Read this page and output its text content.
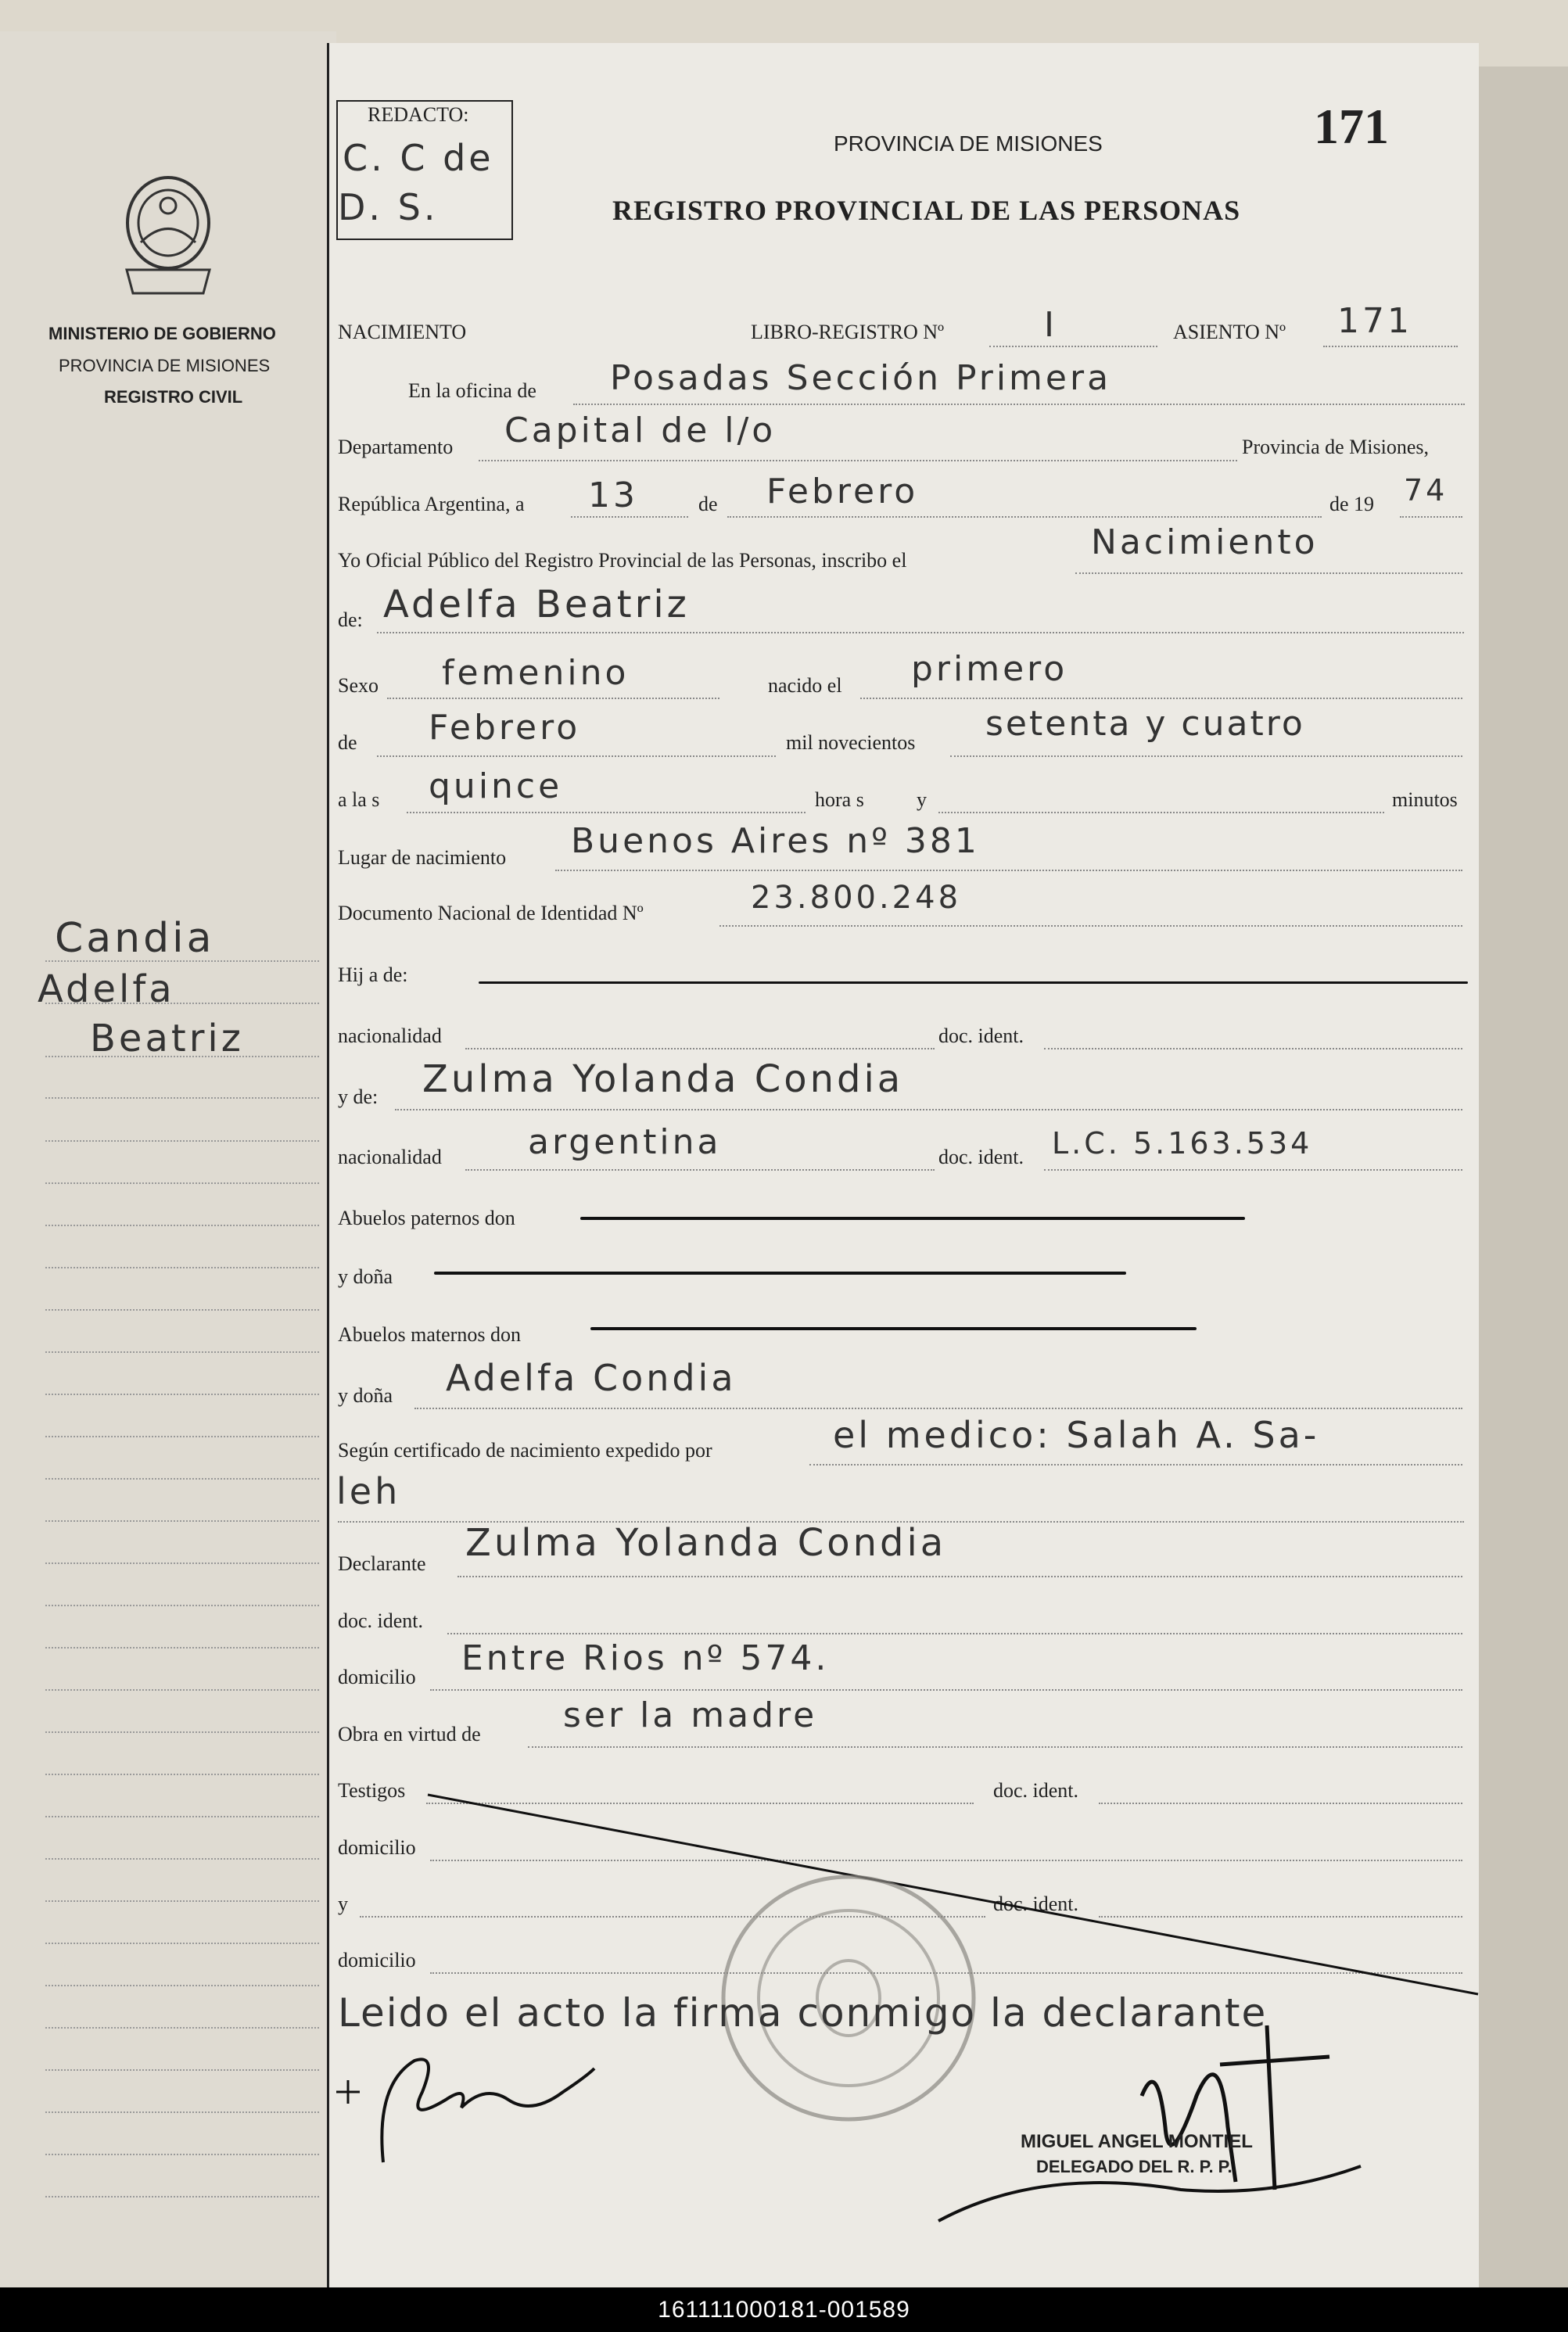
MINISTERIO DE GOBIERNO
PROVINCIA DE MISIONES
REGISTRO CIVIL
Candia
Adelfa
Beatriz
REDACTO:
C. C de
D. S.
PROVINCIA DE MISIONES
REGISTRO PROVINCIAL DE LAS PERSONAS
171
NACIMIENTO	LIBRO-REGISTRO Nº	I	ASIENTO Nº 171
En la oficina de Posadas Sección Primera
Departamento Capital de l/o	Provincia de Misiones,
República Argentina, a 13	de Febrero	de 19 74
Yo Oficial Público del Registro Provincial de las Personas, inscribo el	Nacimiento
de: Adelfa Beatriz
Sexo femenino	nacido el primero
de Febrero	mil novecientos setenta y cuatro
a la s quince	hora s	y	minutos
Lugar de nacimiento Buenos Aires nº 381
Documento Nacional de Identidad Nº	23.800.248
Hij a de:
nacionalidad	doc. ident.
y de: Zulma Yolanda Condia
nacionalidad	argentina	doc. ident. L.C. 5.163.534
Abuelos paternos don
y doña
Abuelos maternos don
y doña Adelfa Condia
Según certificado de nacimiento expedido por	el medico: Salah A. Sa-
leh
Declarante Zulma Yolanda Condia
doc. ident.
domicilio Entre Rios nº 574.
Obra en virtud de ser la madre
Testigos	doc. ident.
domicilio
y	doc. ident.
domicilio
Leido el acto la firma conmigo la declarante
MIGUEL ANGEL MONTIEL
DELEGADO DEL R. P. P.
161111000181-001589
